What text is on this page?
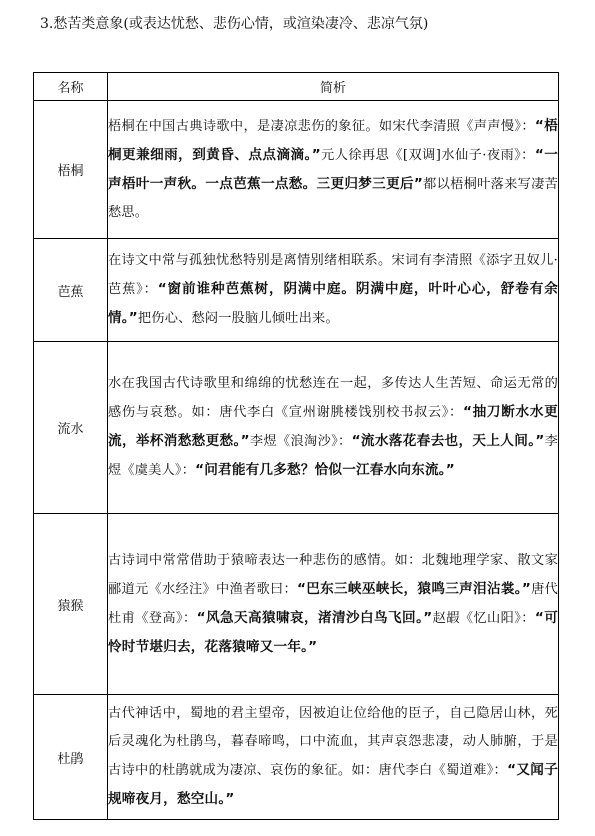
3.愁苦类意象(或表达忧愁、悲伤心情，或渲染凄冷、悲凉气氛)
名称	简析
梧桐	梧桐在中国古典诗歌中，是凄凉悲伤的象征。如宋代李清照《声声慢》：“梧桐更兼细雨，到黄昏、点点滴滴。”元人徐再思《[双调]水仙子·夜雨》：“一声梧叶一声秋。一点芭蕉一点愁。三更归梦三更后”都以梧桐叶落来写凄苦愁思。
芭蕉	在诗文中常与孤独忧愁特别是离情别绪相联系。宋词有李清照《添字丑奴儿·芭蕉》：“窗前谁种芭蕉树，阴满中庭。阴满中庭，叶叶心心，舒卷有余情。”把伤心、愁闷一股脑儿倾吐出来。
流水	水在我国古代诗歌里和绵绵的忧愁连在一起，多传达人生苦短、命运无常的感伤与哀愁。如：唐代李白《宣州谢朓楼饯别校书叔云》：“抽刀断水水更流，举杯消愁愁更愁。”李煜《浪淘沙》：“流水落花春去也，天上人间。”李煜《虞美人》：“问君能有几多愁？恰似一江春水向东流。”
猿猴	古诗词中常常借助于猿啼表达一种悲伤的感情。如：北魏地理学家、散文家郦道元《水经注》中渔者歌曰：“巴东三峡巫峡长，猿鸣三声泪沾裳。”唐代杜甫《登高》：“风急天高猿啸哀，渚清沙白鸟飞回。”赵嘏《忆山阳》：“可怜时节堪归去，花落猿啼又一年。”
杜鹃	古代神话中，蜀地的君主望帝，因被迫让位给他的臣子，自己隐居山林，死后灵魂化为杜鹃鸟，暮春啼鸣，口中流血，其声哀怨悲凄，动人肺腑，于是古诗中的杜鹃就成为凄凉、哀伤的象征。如：唐代李白《蜀道难》：“又闻子规啼夜月，愁空山。”
